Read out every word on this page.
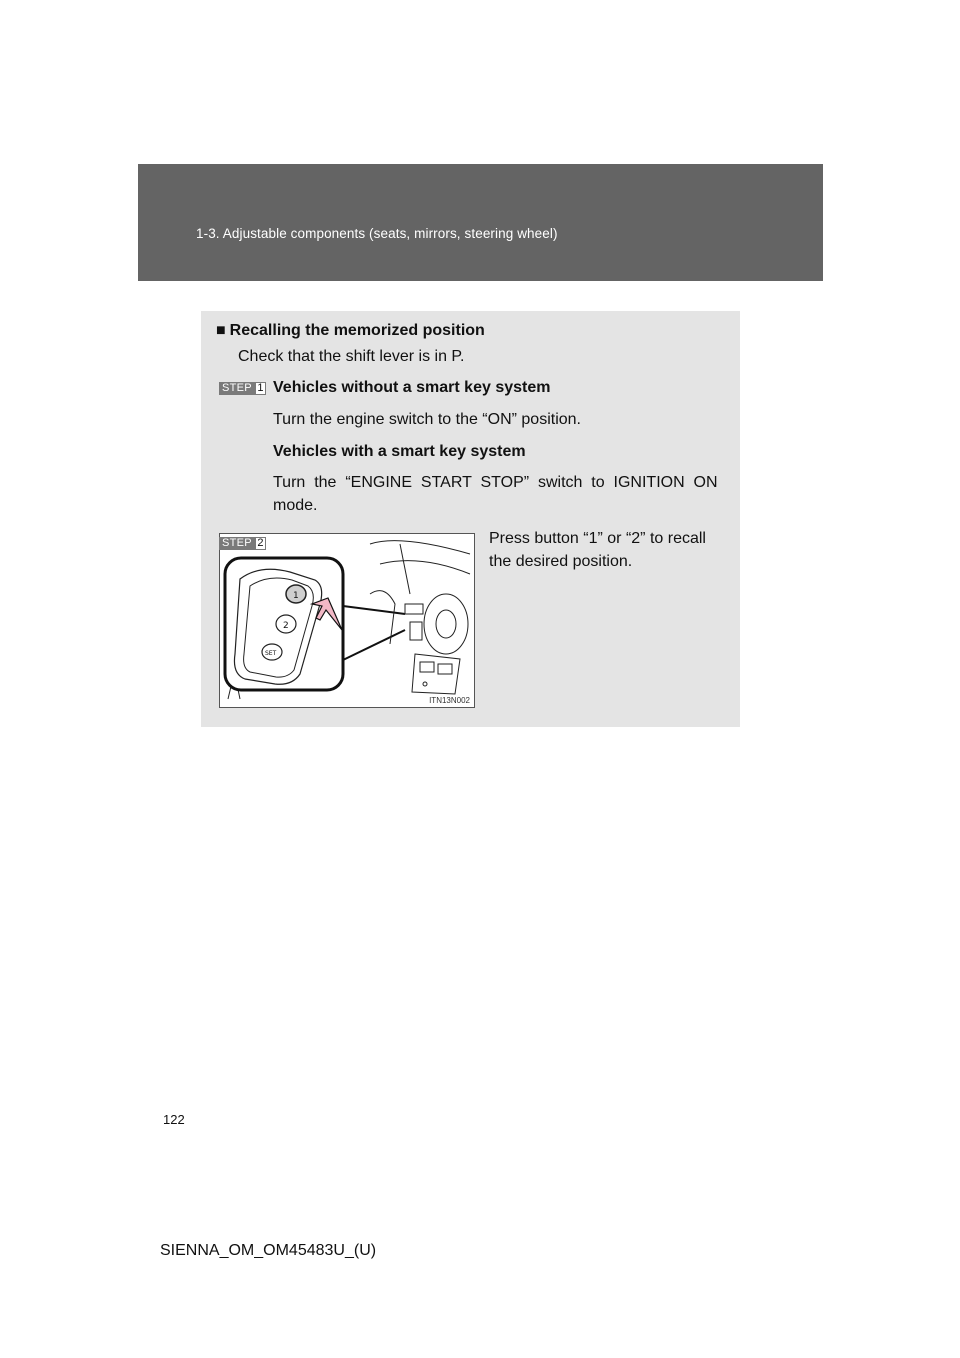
1-3. Adjustable components (seats, mirrors, steering wheel)
■ Recalling the memorized position
Check that the shift lever is in P.
STEP 1 Vehicles without a smart key system
Turn the engine switch to the “ON” position.
Vehicles with a smart key system
Turn  the  “ENGINE  START  STOP”  switch  to  IGNITION  ON
mode.
1
2
SET
ITN13N002
STEP 2	Press button “1” or “2” to recall
the desired position.
122
SIENNA_OM_OM45483U_(U)
